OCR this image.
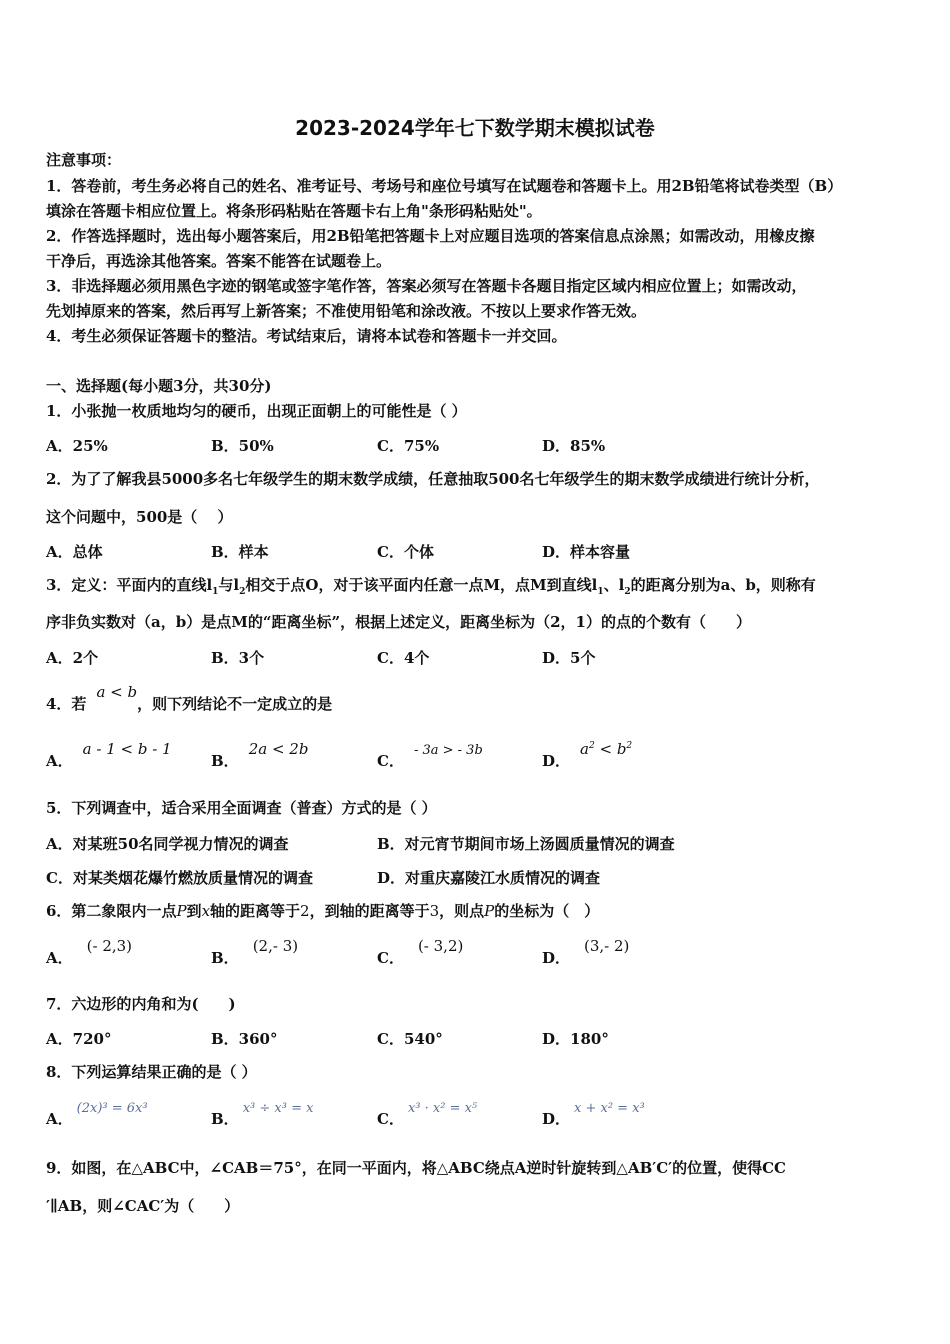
2023-2024学年七下数学期末模拟试卷
注意事项：
1．答卷前，考生务必将自己的姓名、准考证号、考场号和座位号填写在试题卷和答题卡上。用2B铅笔将试卷类型（B）
填涂在答题卡相应位置上。将条形码粘贴在答题卡右上角"条形码粘贴处"。
2．作答选择题时，选出每小题答案后，用2B铅笔把答题卡上对应题目选项的答案信息点涂黑；如需改动，用橡皮擦
干净后，再选涂其他答案。答案不能答在试题卷上。
3．非选择题必须用黑色字迹的钢笔或签字笔作答，答案必须写在答题卡各题目指定区域内相应位置上；如需改动，
先划掉原来的答案，然后再写上新答案；不准使用铅笔和涂改液。不按以上要求作答无效。
4．考生必须保证答题卡的整洁。考试结束后，请将本试卷和答题卡一并交回。
一、选择题(每小题3分，共30分)
1．小张抛一枚质地均匀的硬币，出现正面朝上的可能性是（ ）
A．25%	B．50%	C．75%	D．85%
2．为了了解我县5000多名七年级学生的期末数学成绩，任意抽取500名七年级学生的期末数学成绩进行统计分析，
这个问题中，500是（　 ）
A．总体	B．样本	C．个体	D．样本容量
3．定义：平面内的直线$l_1$与$l_2$相交于点O，对于该平面内任意一点M，点M到直线$l_1$、$l_2$的距离分别为a、b，则称有
序非负实数对（a，b）是点M的“距离坐标”，根据上述定义，距离坐标为（2，1）的点的个数有（　　）
A．2个	B．3个	C．4个	D．5个
4．若a < b，则下列结论不一定成立的是
A．a - 1 < b - 1
B．2a < 2b
C．- 3a > - 3b
D．$a^2 < b^2$
5．下列调查中，适合采用全面调查（普查）方式的是（ ）
A．对某班50名同学视力情况的调查	B．对元宵节期间市场上汤圆质量情况的调查
C．对某类烟花爆竹燃放质量情况的调查	D．对重庆嘉陵江水质情况的调查
6．第二象限内一点P到x轴的距离等于2，到轴的距离等于3，则点P的坐标为（　）
A．(- 2,3)
B．(2,- 3)
C．(- 3,2)
D．(3,- 2)
7．六边形的内角和为(　　)
A．720°	B．360°	C．540°	D．180°
8．下列运算结果正确的是（ ）
A．(2x)³ = 6x³
B．x³ ÷ x³ = x
C．x³ · x² = x⁵
D．x + x² = x³
9．如图，在△ABC中，∠CAB＝75°，在同一平面内，将△ABC绕点A逆时针旋转到△AB′C′的位置，使得CC
′∥AB，则∠CAC′为（　　）
